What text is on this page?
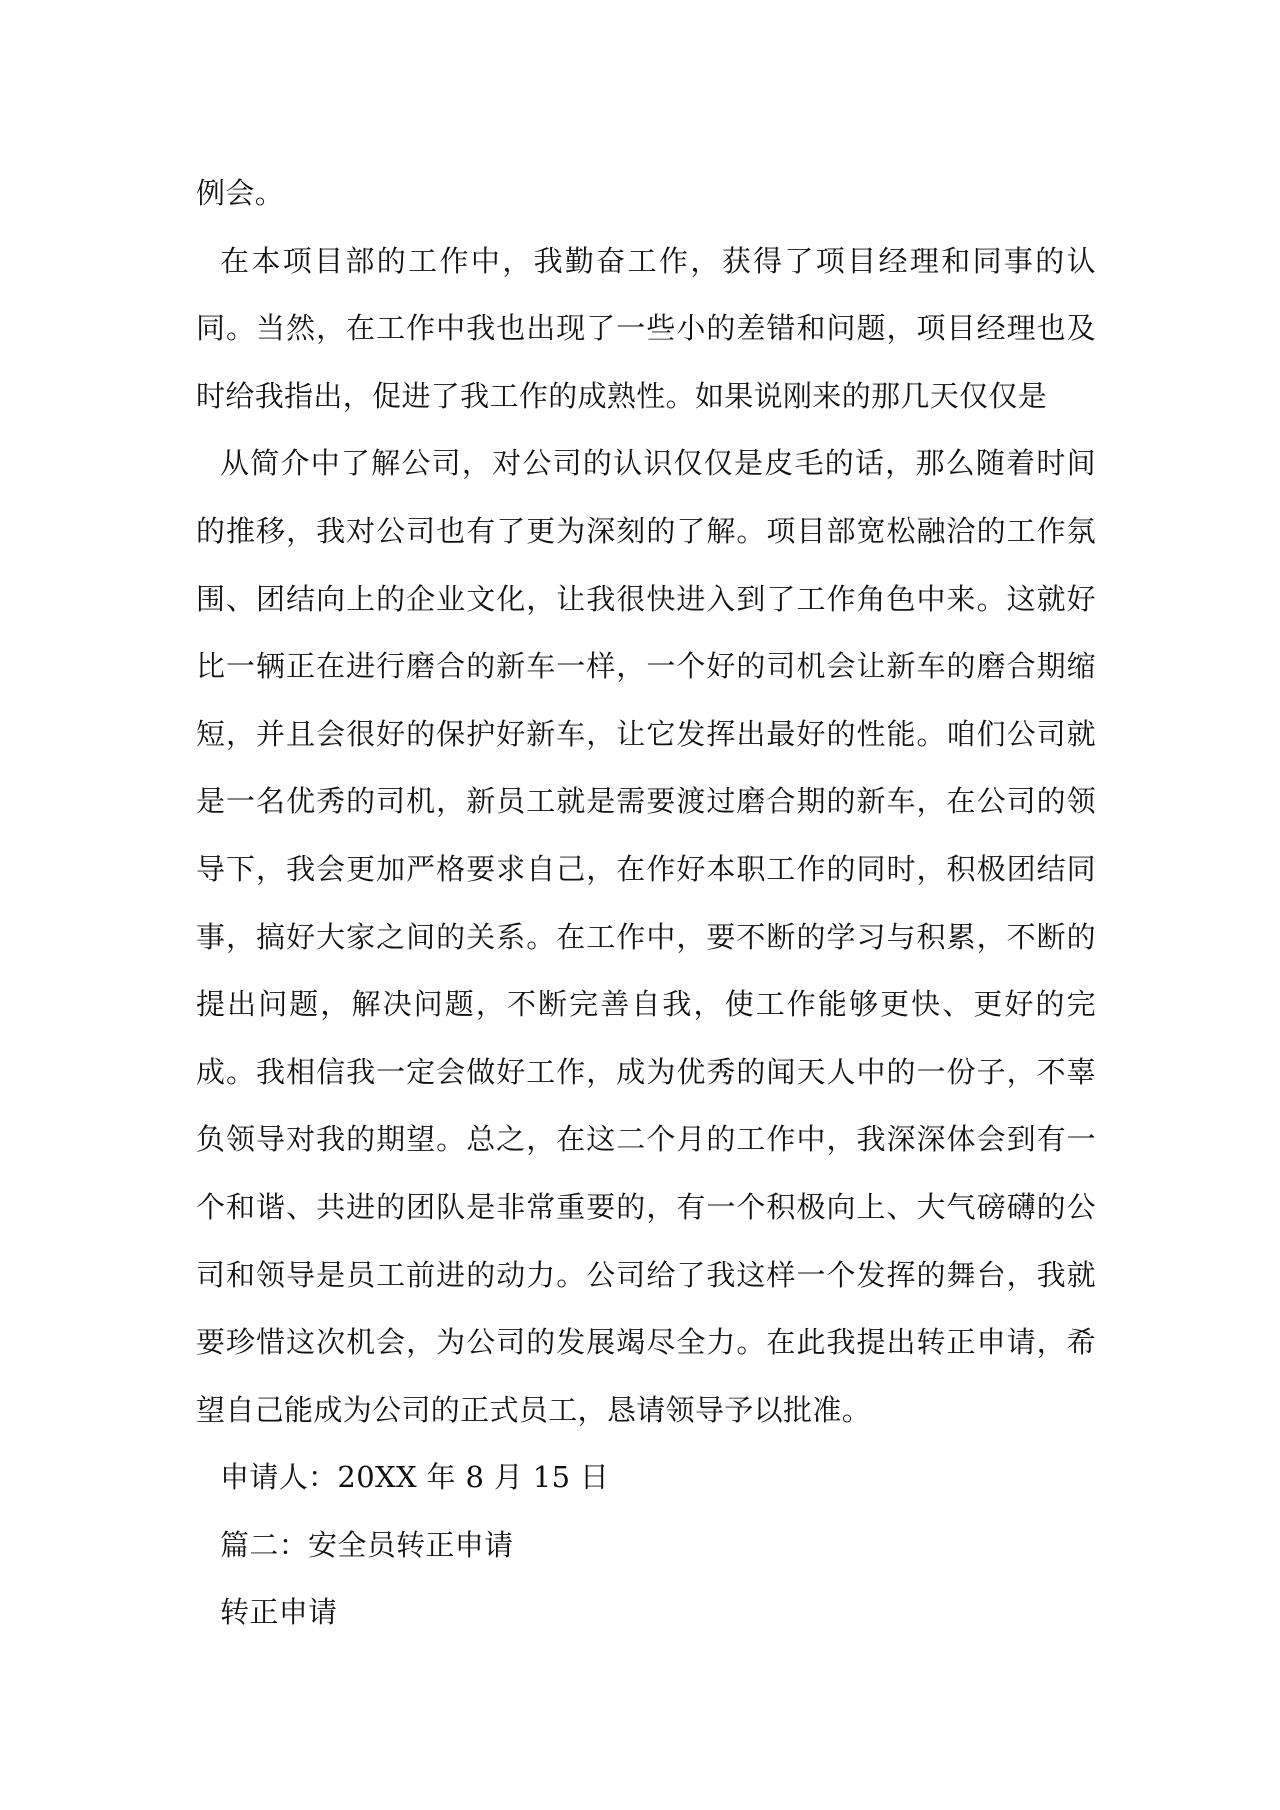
例会。

在本项目部的工作中，我勤奋工作，获得了项目经理和同事的认同。当然，在工作中我也出现了一些小的差错和问题，项目经理也及时给我指出，促进了我工作的成熟性。如果说刚来的那几天仅仅是

从简介中了解公司，对公司的认识仅仅是皮毛的话，那么随着时间的推移，我对公司也有了更为深刻的了解。项目部宽松融洽的工作氛围、团结向上的企业文化，让我很快进入到了工作角色中来。这就好比一辆正在进行磨合的新车一样，一个好的司机会让新车的磨合期缩短，并且会很好的保护好新车，让它发挥出最好的性能。咱们公司就是一名优秀的司机，新员工就是需要渡过磨合期的新车，在公司的领导下，我会更加严格要求自己，在作好本职工作的同时，积极团结同事，搞好大家之间的关系。在工作中，要不断的学习与积累，不断的提出问题，解决问题，不断完善自我，使工作能够更快、更好的完成。我相信我一定会做好工作，成为优秀的闻天人中的一份子，不辜负领导对我的期望。总之，在这二个月的工作中，我深深体会到有一个和谐、共进的团队是非常重要的，有一个积极向上、大气磅礴的公司和领导是员工前进的动力。公司给了我这样一个发挥的舞台，我就要珍惜这次机会，为公司的发展竭尽全力。在此我提出转正申请，希望自己能成为公司的正式员工，恳请领导予以批准。

申请人：20XX 年 8 月 15 日

篇二：安全员转正申请

转正申请
